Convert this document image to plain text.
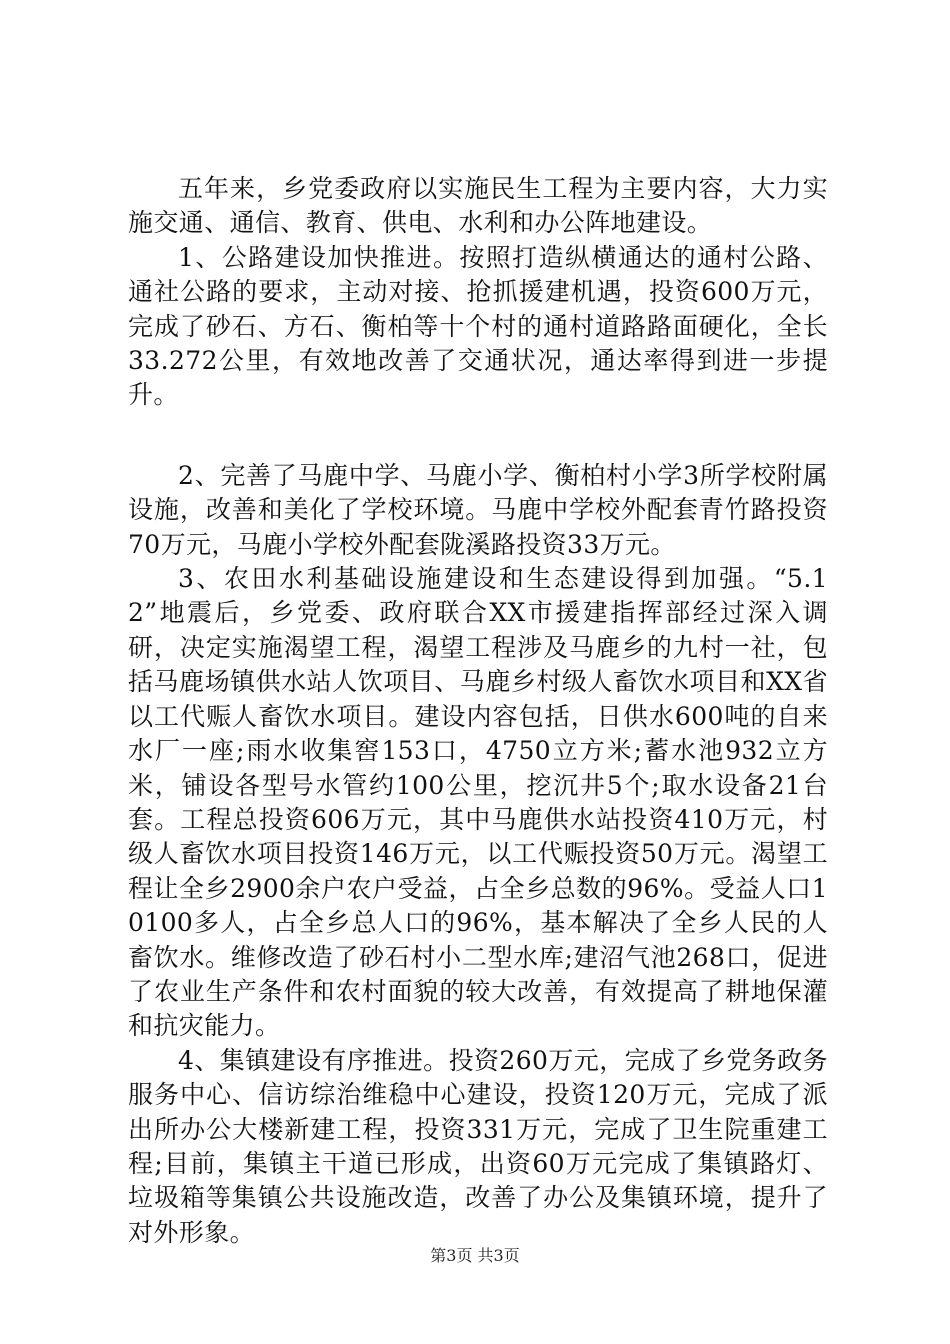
五年来，乡党委政府以实施民生工程为主要内容，大力实施交通、通信、教育、供电、水利和办公阵地建设。

1、公路建设加快推进。按照打造纵横通达的通村公路、通社公路的要求，主动对接、抢抓援建机遇，投资600万元，完成了砂石、方石、衡柏等十个村的通村道路路面硬化，全长33.272公里，有效地改善了交通状况，通达率得到进一步提升。

2、完善了马鹿中学、马鹿小学、衡柏村小学3所学校附属设施，改善和美化了学校环境。马鹿中学校外配套青竹路投资70万元，马鹿小学校外配套陇溪路投资33万元。

3、农田水利基础设施建设和生态建设得到加强。“5.12”地震后，乡党委、政府联合XX市援建指挥部经过深入调研，决定实施渴望工程，渴望工程涉及马鹿乡的九村一社，包括马鹿场镇供水站人饮项目、马鹿乡村级人畜饮水项目和XX省以工代赈人畜饮水项目。建设内容包括，日供水600吨的自来水厂一座;雨水收集窖153口，4750立方米;蓄水池932立方米，铺设各型号水管约100公里，挖沉井5个;取水设备21台套。工程总投资606万元，其中马鹿供水站投资410万元，村级人畜饮水项目投资146万元，以工代赈投资50万元。渴望工程让全乡2900余户农户受益，占全乡总数的96%。受益人口10100多人，占全乡总人口的96%，基本解决了全乡人民的人畜饮水。维修改造了砂石村小二型水库;建沼气池268口，促进了农业生产条件和农村面貌的较大改善，有效提高了耕地保灌和抗灾能力。

4、集镇建设有序推进。投资260万元，完成了乡党务政务服务中心、信访综治维稳中心建设，投资120万元，完成了派出所办公大楼新建工程，投资331万元，完成了卫生院重建工程;目前，集镇主干道已形成，出资60万元完成了集镇路灯、垃圾箱等集镇公共设施改造，改善了办公及集镇环境，提升了对外形象。

第3页 共3页
